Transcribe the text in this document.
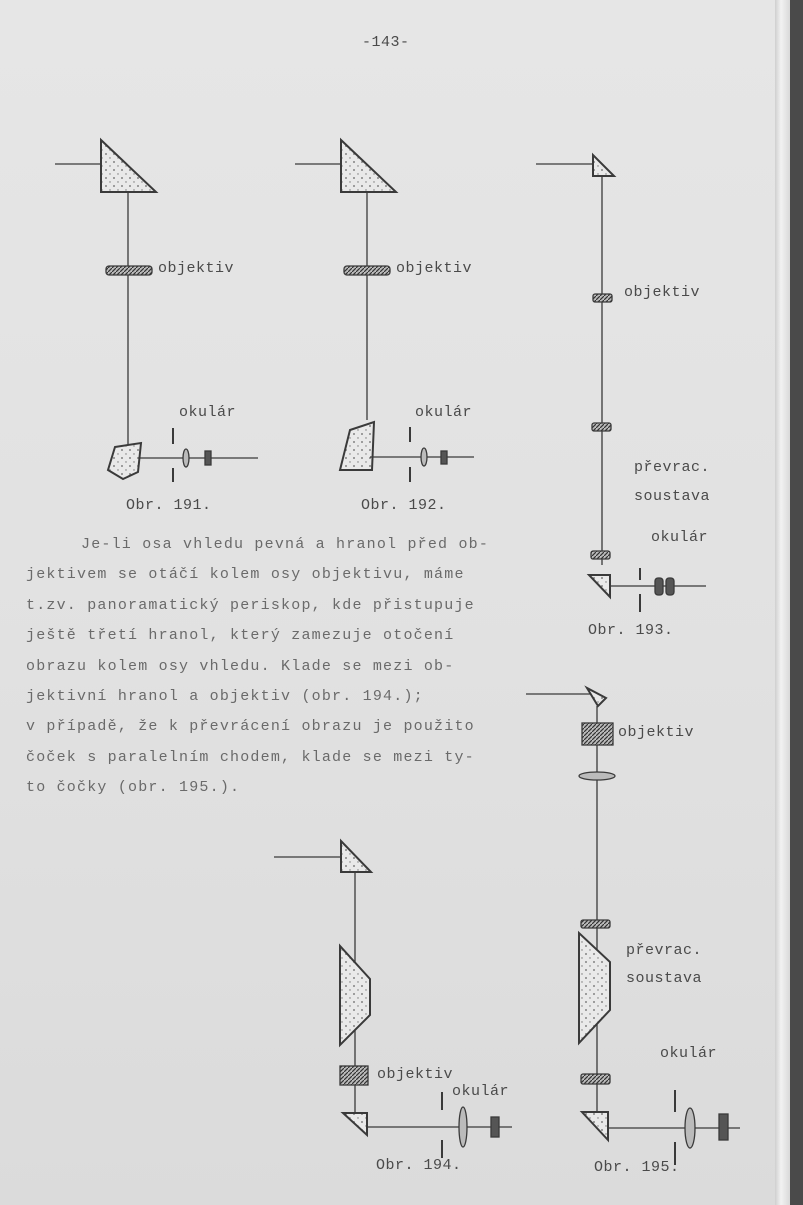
-143-
objektiv
okulár
Obr. 191.
objektiv
okulár
Obr. 192.
objektiv
převrac.
soustava
okulár
Obr. 193.
Je-li osa vhledu pevná a hranol před ob-
jektivem se otáčí kolem osy objektivu, máme
t.zv. panoramatický periskop, kde přistupuje
ještě třetí hranol, který zamezuje otočení
obrazu kolem osy vhledu. Klade se mezi ob-
jektivní hranol a objektiv (obr. 194.);
v případě, že k převrácení obrazu je použito
čoček s paralelním chodem, klade se mezi ty-
to čočky (obr. 195.).
objektiv
převrac.
soustava
okulár
Obr. 195.
objektiv
okulár
Obr. 194.
